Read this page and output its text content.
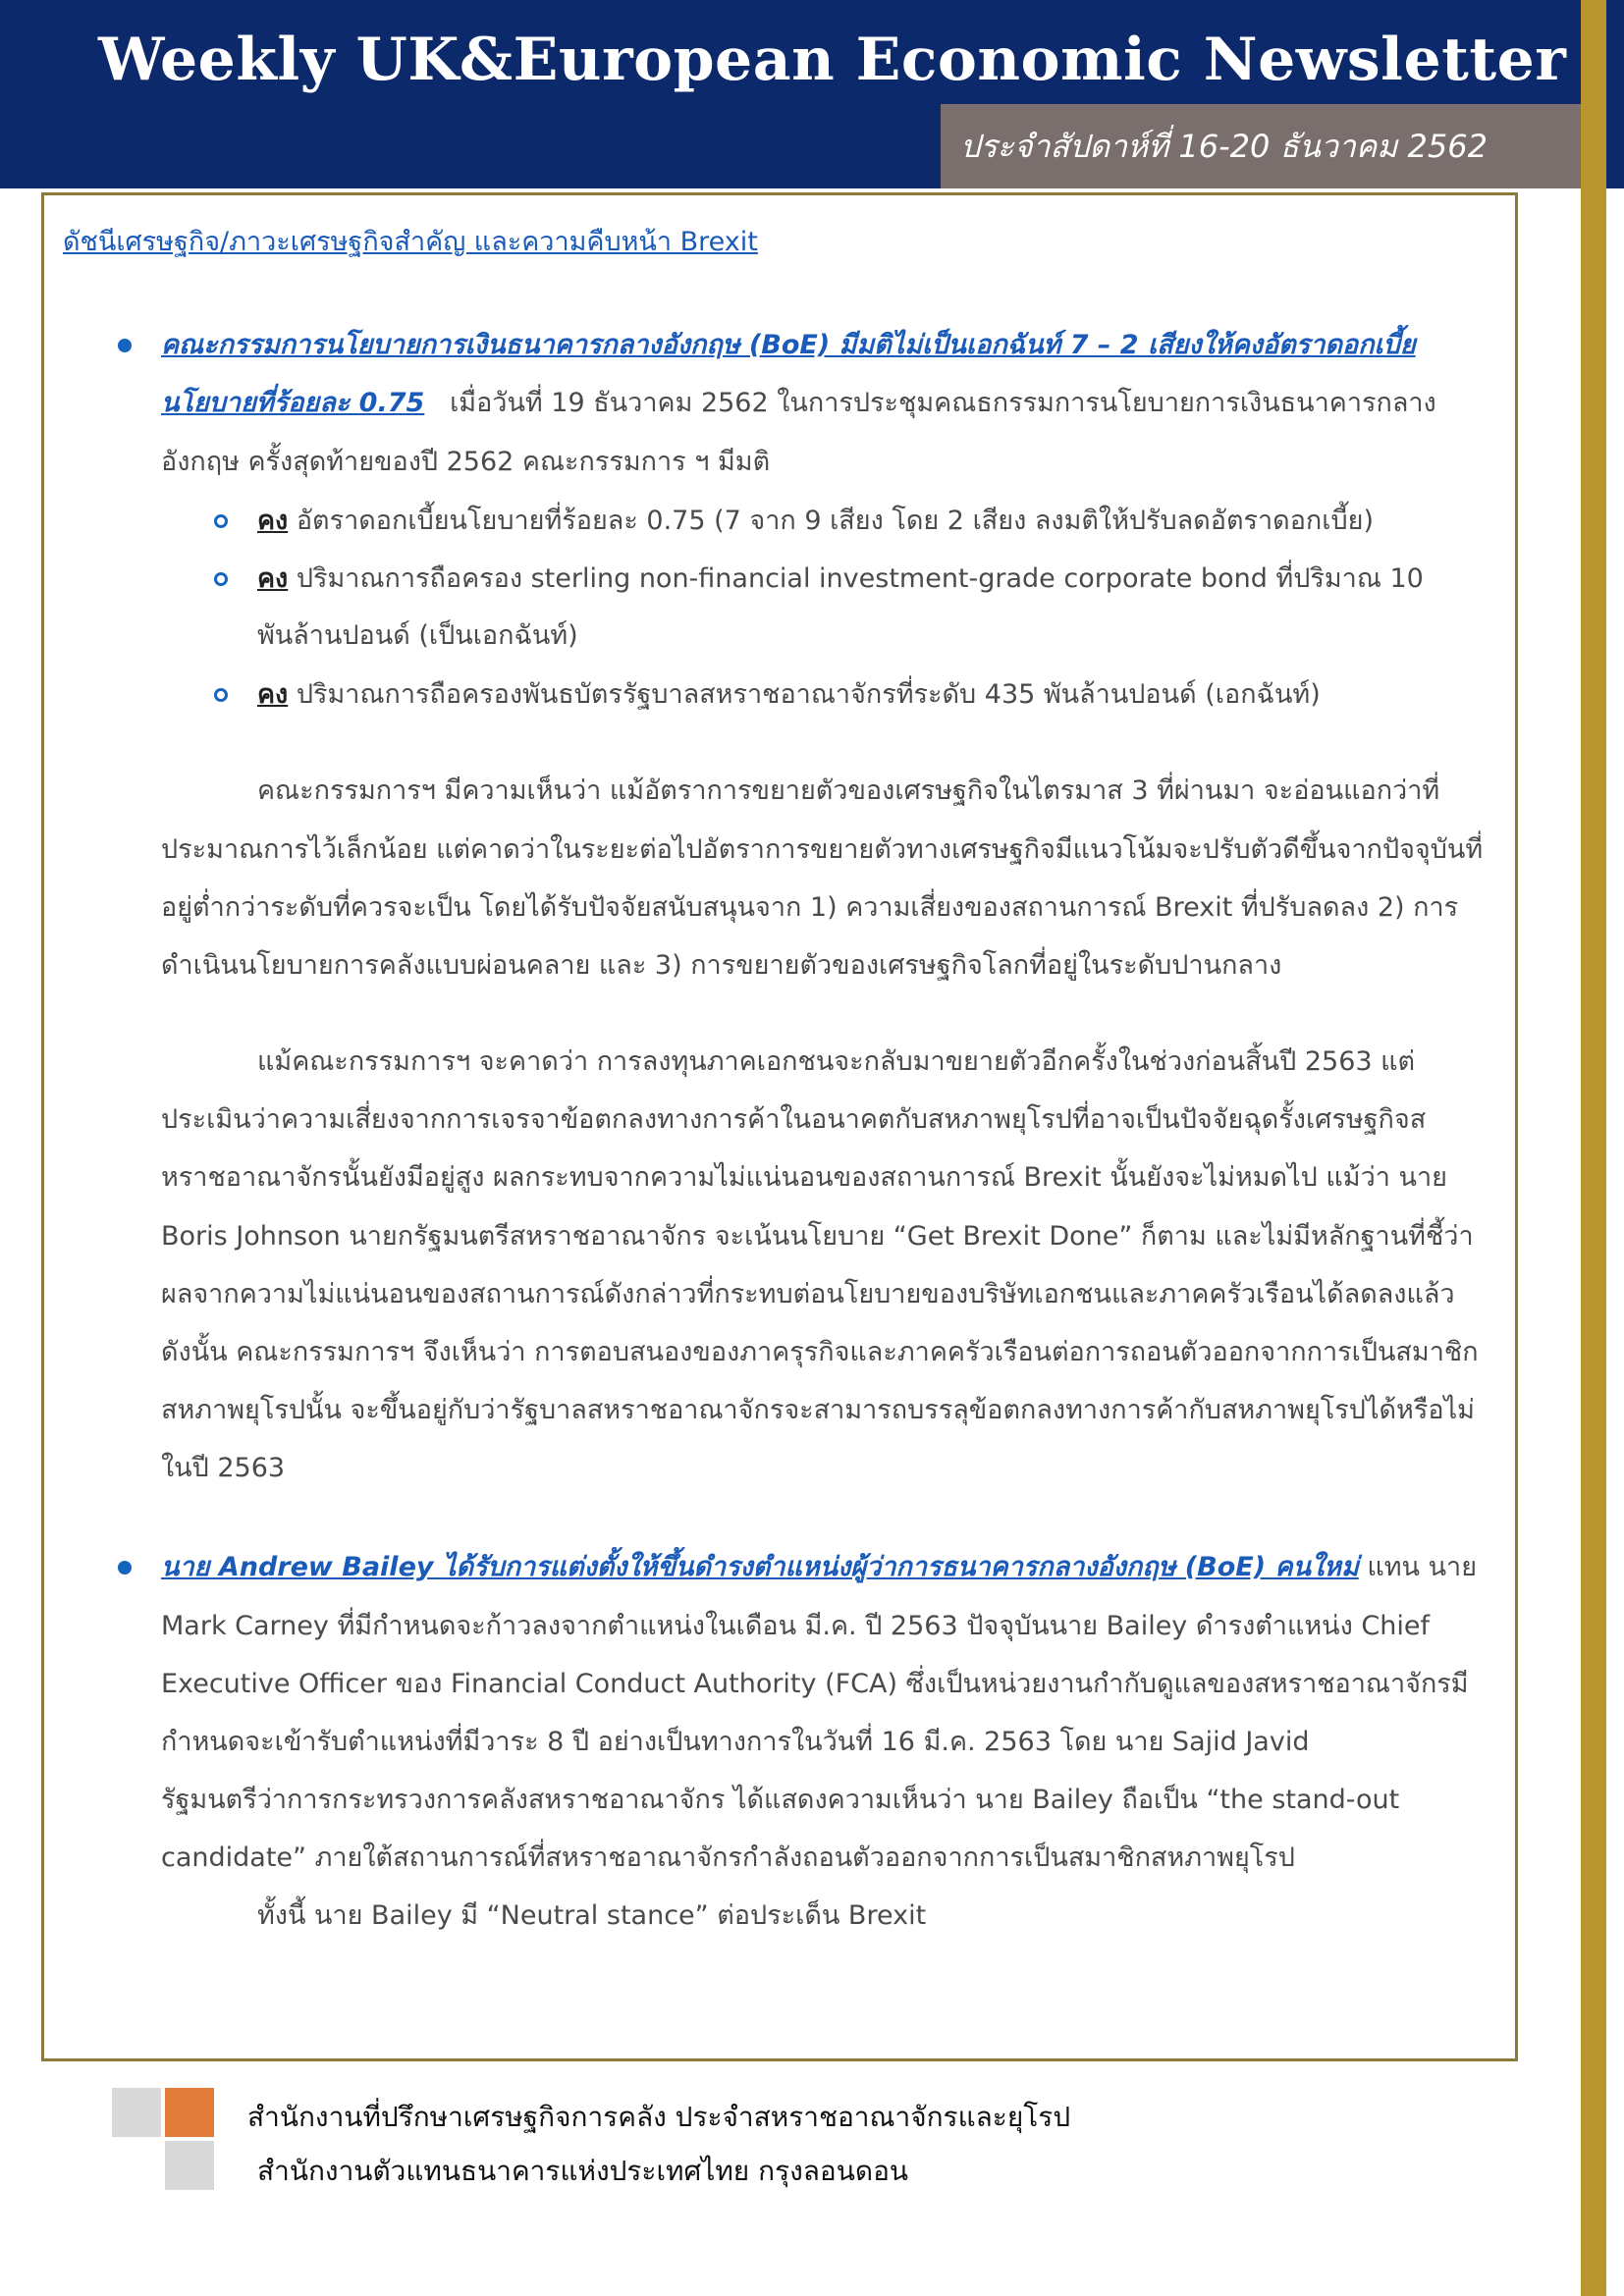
Weekly UK&European Economic Newsletter
ประจำสัปดาห์ที่ 16-20 ธันวาคม 2562
ดัชนีเศรษฐกิจ/ภาวะเศรษฐกิจสำคัญ และความคืบหน้า Brexit
คณะกรรมการนโยบายการเงินธนาคารกลางอังกฤษ (BoE) มีมติไม่เป็นเอกฉันท์ 7 – 2 เสียงให้คงอัตราดอกเบี้ย
นโยบายที่ร้อยละ 0.75 เมื่อวันที่ 19 ธันวาคม 2562 ในการประชุมคณธกรรมการนโยบายการเงินธนาคารกลาง
อังกฤษ ครั้งสุดท้ายของปี 2562 คณะกรรมการ ฯ มีมติ
คง อัตราดอกเบี้ยนโยบายที่ร้อยละ 0.75 (7 จาก 9 เสียง โดย 2 เสียง ลงมติให้ปรับลดอัตราดอกเบี้ย)
คง ปริมาณการถือครอง sterling non-financial investment-grade corporate bond ที่ปริมาณ 10
พันล้านปอนด์ (เป็นเอกฉันท์)
คง ปริมาณการถือครองพันธบัตรรัฐบาลสหราชอาณาจักรที่ระดับ 435 พันล้านปอนด์ (เอกฉันท์)
คณะกรรมการฯ มีความเห็นว่า แม้อัตราการขยายตัวของเศรษฐกิจในไตรมาส 3 ที่ผ่านมา จะอ่อนแอกว่าที่
ประมาณการไว้เล็กน้อย แต่คาดว่าในระยะต่อไปอัตราการขยายตัวทางเศรษฐกิจมีแนวโน้มจะปรับตัวดีขึ้นจากปัจจุบันที่
อยู่ต่ำกว่าระดับที่ควรจะเป็น โดยได้รับปัจจัยสนับสนุนจาก 1) ความเสี่ยงของสถานการณ์ Brexit ที่ปรับลดลง 2) การ
ดำเนินนโยบายการคลังแบบผ่อนคลาย และ 3) การขยายตัวของเศรษฐกิจโลกที่อยู่ในระดับปานกลาง
แม้คณะกรรมการฯ จะคาดว่า การลงทุนภาคเอกชนจะกลับมาขยายตัวอีกครั้งในช่วงก่อนสิ้นปี 2563 แต่
ประเมินว่าความเสี่ยงจากการเจรจาข้อตกลงทางการค้าในอนาคตกับสหภาพยุโรปที่อาจเป็นปัจจัยฉุดรั้งเศรษฐกิจส
หราชอาณาจักรนั้นยังมีอยู่สูง ผลกระทบจากความไม่แน่นอนของสถานการณ์ Brexit นั้นยังจะไม่หมดไป แม้ว่า นาย
Boris Johnson นายกรัฐมนตรีสหราชอาณาจักร จะเน้นนโยบาย “Get Brexit Done” ก็ตาม และไม่มีหลักฐานที่ชี้ว่า
ผลจากความไม่แน่นอนของสถานการณ์ดังกล่าวที่กระทบต่อนโยบายของบริษัทเอกชนและภาคครัวเรือนได้ลดลงแล้ว
ดังนั้น คณะกรรมการฯ จึงเห็นว่า การตอบสนองของภาครุรกิจและภาคครัวเรือนต่อการถอนตัวออกจากการเป็นสมาชิก
สหภาพยุโรปนั้น จะขึ้นอยู่กับว่ารัฐบาลสหราชอาณาจักรจะสามารถบรรลุข้อตกลงทางการค้ากับสหภาพยุโรปได้หรือไม่
ในปี 2563
นาย Andrew Bailey ได้รับการแต่งตั้งให้ขึ้นดำรงตำแหน่งผู้ว่าการธนาคารกลางอังกฤษ (BoE) คนใหม่ แทน นาย
Mark Carney ที่มีกำหนดจะก้าวลงจากตำแหน่งในเดือน มี.ค. ปี 2563 ปัจจุบันนาย Bailey ดำรงตำแหน่ง Chief
Executive Officer ของ Financial Conduct Authority (FCA) ซึ่งเป็นหน่วยงานกำกับดูแลของสหราชอาณาจักรมี
กำหนดจะเข้ารับตำแหน่งที่มีวาระ 8 ปี อย่างเป็นทางการในวันที่ 16 มี.ค. 2563 โดย นาย Sajid Javid
รัฐมนตรีว่าการกระทรวงการคลังสหราชอาณาจักร ได้แสดงความเห็นว่า นาย Bailey ถือเป็น “the stand-out
candidate” ภายใต้สถานการณ์ที่สหราชอาณาจักรกำลังถอนตัวออกจากการเป็นสมาชิกสหภาพยุโรป
ทั้งนี้ นาย Bailey มี “Neutral stance” ต่อประเด็น Brexit
สำนักงานที่ปรึกษาเศรษฐกิจการคลัง ประจำสหราชอาณาจักรและยุโรป
สำนักงานตัวแทนธนาคารแห่งประเทศไทย กรุงลอนดอน
